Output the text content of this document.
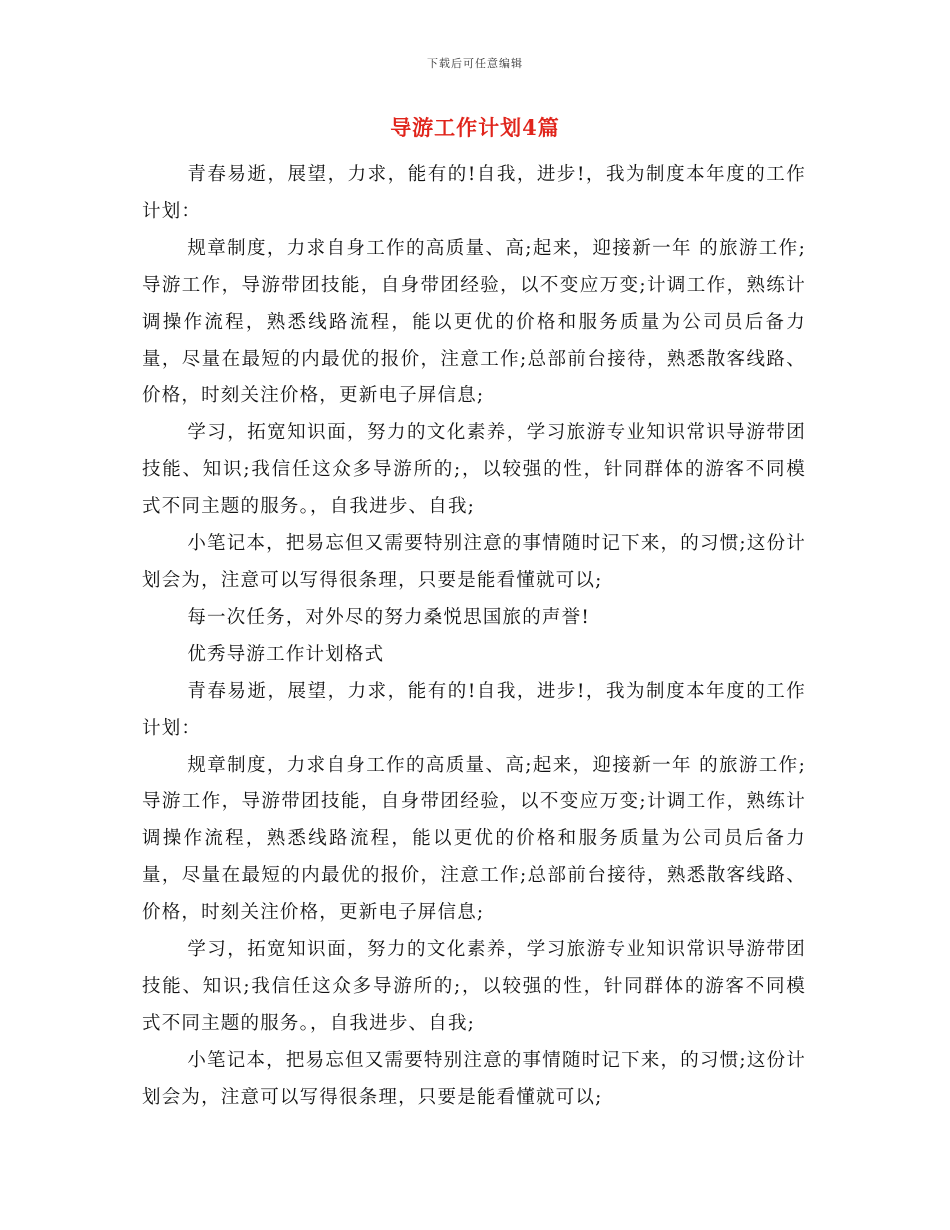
下载后可任意编辑
导游工作计划4篇

青春易逝，展望，力求，能有的!自我，进步!，我为制度本年度的工作计划：

规章制度，力求自身工作的高质量、高;起来，迎接新一年 的旅游工作;导游工作，导游带团技能，自身带团经验，以不变应万变;计调工作，熟练计调操作流程，熟悉线路流程，能以更优的价格和服务质量为公司员后备力量，尽量在最短的内最优的报价，注意工作;总部前台接待，熟悉散客线路、价格，时刻关注价格，更新电子屏信息;

学习，拓宽知识面，努力的文化素养，学习旅游专业知识常识导游带团技能、知识;我信任这众多导游所的;，以较强的性，针同群体的游客不同模式不同主题的服务。，自我进步、自我;

小笔记本，把易忘但又需要特别注意的事情随时记下来，的习惯;这份计划会为，注意可以写得很条理，只要是能看懂就可以;

每一次任务，对外尽的努力桑悦思国旅的声誉!

优秀导游工作计划格式

青春易逝，展望，力求，能有的!自我，进步!，我为制度本年度的工作计划：

规章制度，力求自身工作的高质量、高;起来，迎接新一年 的旅游工作;导游工作，导游带团技能，自身带团经验，以不变应万变;计调工作，熟练计调操作流程，熟悉线路流程，能以更优的价格和服务质量为公司员后备力量，尽量在最短的内最优的报价，注意工作;总部前台接待，熟悉散客线路、价格，时刻关注价格，更新电子屏信息;

学习，拓宽知识面，努力的文化素养，学习旅游专业知识常识导游带团技能、知识;我信任这众多导游所的;，以较强的性，针同群体的游客不同模式不同主题的服务。，自我进步、自我;

小笔记本，把易忘但又需要特别注意的事情随时记下来，的习惯;这份计划会为，注意可以写得很条理，只要是能看懂就可以;
